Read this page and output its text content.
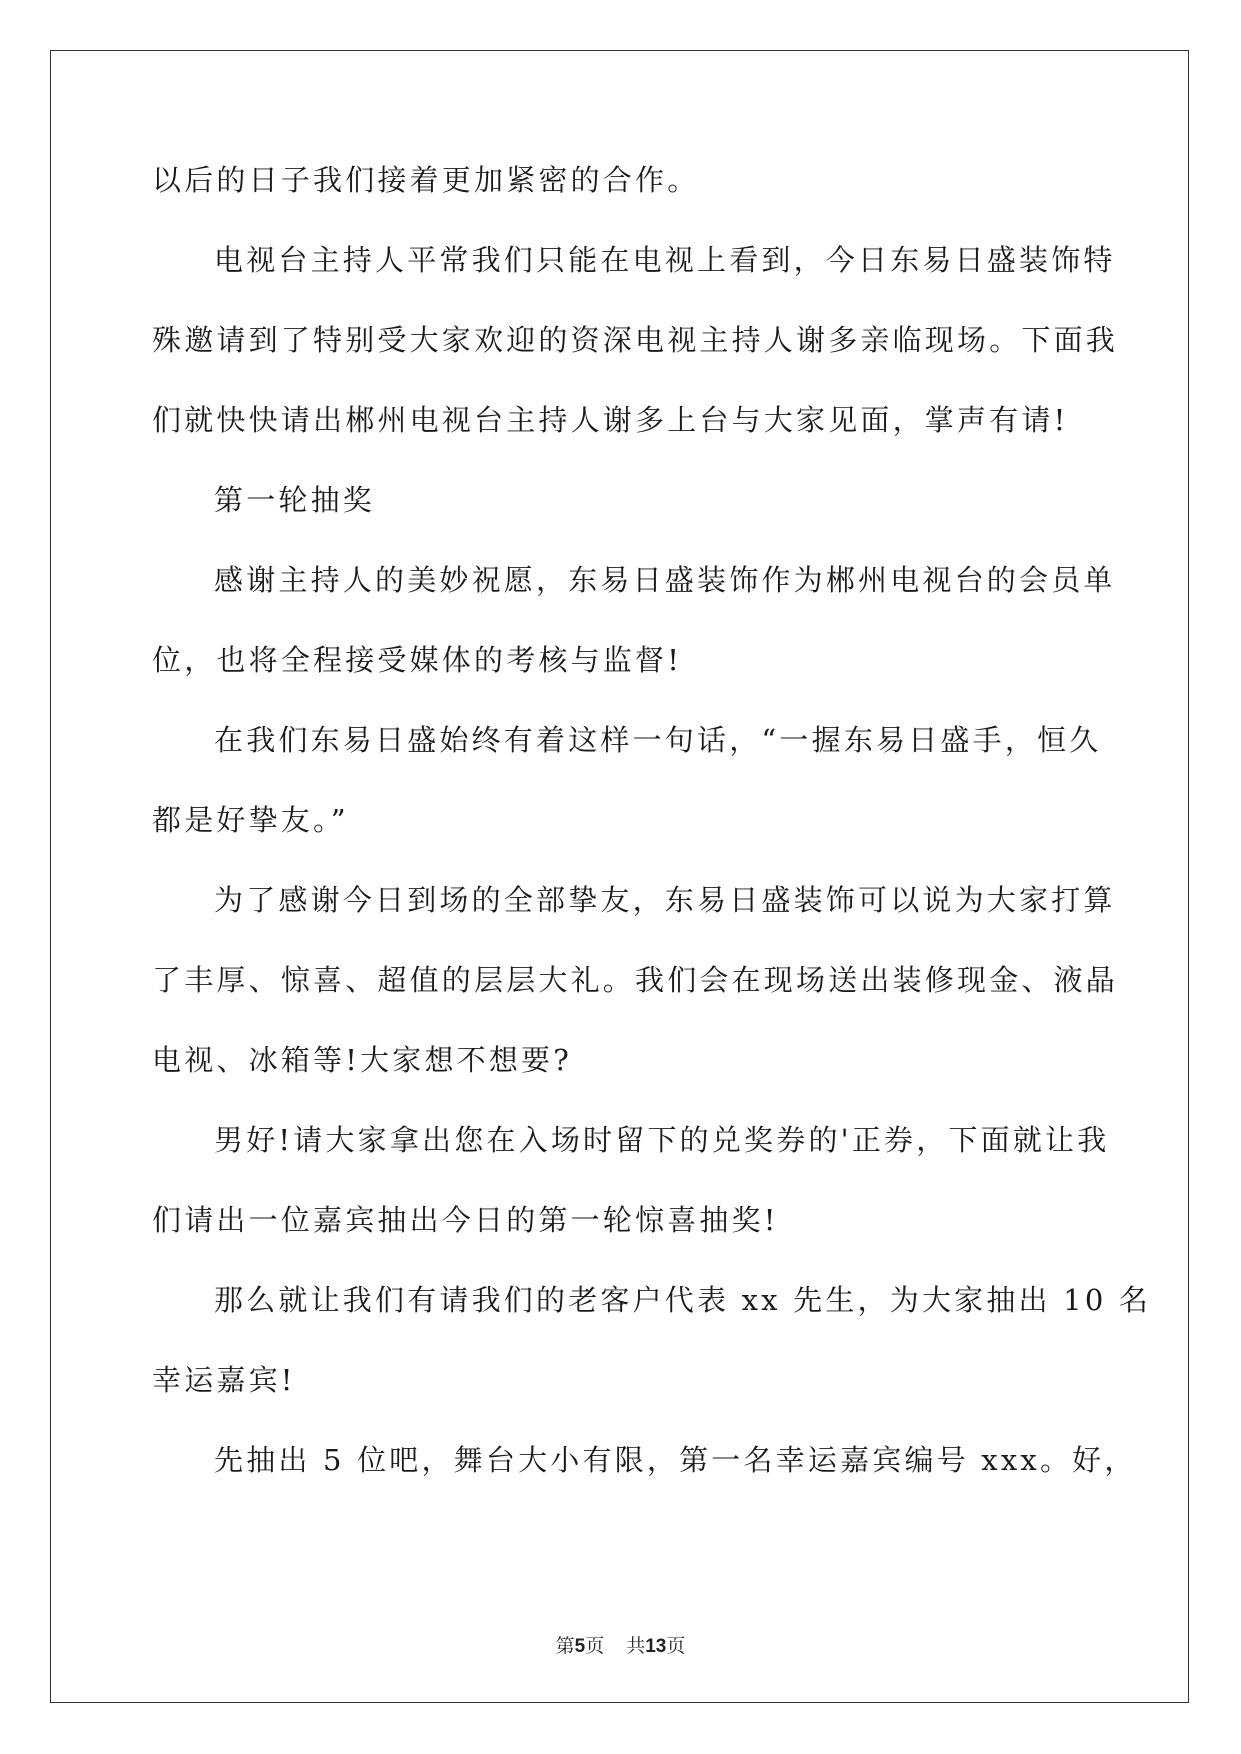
以后的日子我们接着更加紧密的合作。
电视台主持人平常我们只能在电视上看到，今日东易日盛装饰特
殊邀请到了特别受大家欢迎的资深电视主持人谢多亲临现场。下面我
们就快快请出郴州电视台主持人谢多上台与大家见面，掌声有请!
第一轮抽奖
感谢主持人的美妙祝愿，东易日盛装饰作为郴州电视台的会员单
位，也将全程接受媒体的考核与监督!
在我们东易日盛始终有着这样一句话，“一握东易日盛手，恒久
都是好挚友。”
为了感谢今日到场的全部挚友，东易日盛装饰可以说为大家打算
了丰厚、惊喜、超值的层层大礼。我们会在现场送出装修现金、液晶
电视、冰箱等!大家想不想要?
男好!请大家拿出您在入场时留下的兑奖券的'正券，下面就让我
们请出一位嘉宾抽出今日的第一轮惊喜抽奖!
那么就让我们有请我们的老客户代表 xx 先生，为大家抽出 10 名
幸运嘉宾!
先抽出 5 位吧，舞台大小有限，第一名幸运嘉宾编号 xxx。好，
第5页 共13页
